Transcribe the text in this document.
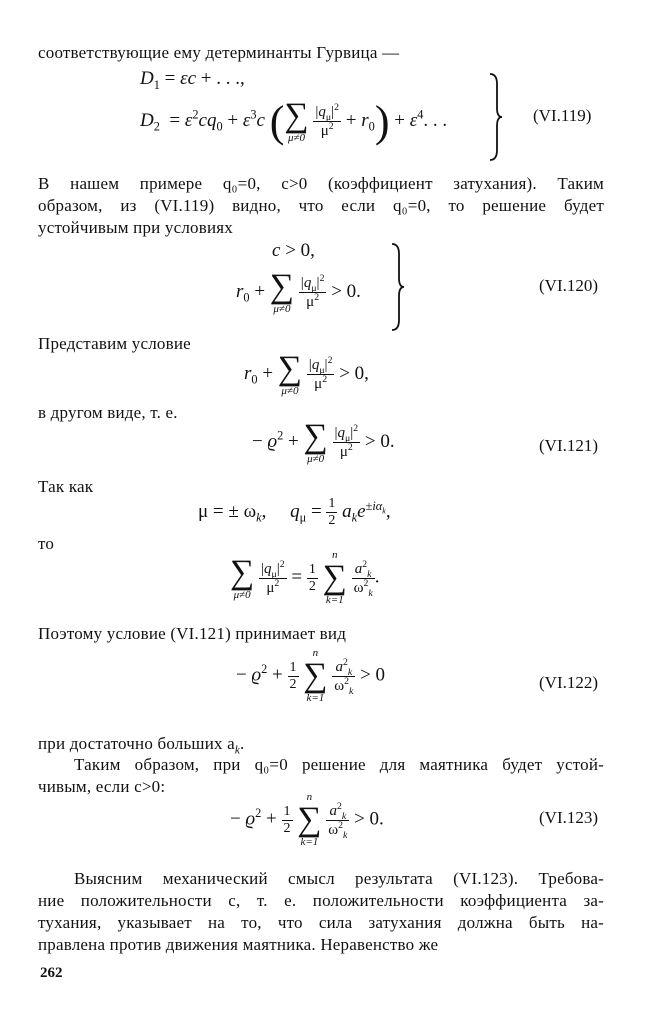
соответствующие ему детерминанты Гурвица —
$D_1 = \varepsilon c$ + . . .,
$D_2 = \varepsilon^2cq_0 + \varepsilon^3c$ ( ∑
μ≠0
$\frac{|q_\mu|^2}{\mu^2} + r_0) + \varepsilon^4$. . .	(VI.119)
В нашем примере q₀=0, c>0 (коэффициент затухания). Таким
образом, из (VI.119) видно, что если q₀=0, то решение будет
устойчивым при условиях
c > 0,
$r_0$ + ∑
μ≠0
$\frac{|q_\mu|^2}{\mu^2} > 0$.	(VI.120)
Представим условие
$r_0$ + ∑
μ≠0
$\frac{|q_\mu|^2}{\mu^2} > 0$,
в другом виде, т. е.
− $ϱ^2$ + ∑
μ≠0
$\frac{|q_\mu|^2}{\mu^2} > 0$.	(VI.121)
Так как
μ = ± $\omega_k$,     $q_\mu = \frac{1}{2} a_ke^{\pm i\alpha_k}$,
то
∑
μ≠0
$\frac{|q_\mu|^2}{\mu^2} = \frac{1}{2}$

n
∑
k=1

$\frac{a^2_k}{\omega^2_k}$ .
Поэтому условие (VI.121) принимает вид
− $ϱ^2 + \frac{1}{2}$

n
∑
k=1

$\frac{a^2_k}{\omega^2_k} > 0$	(VI.122)
при достаточно больших $a_k$.
Таким образом, при q₀=0 решение для маятника будет устой-
чивым, если c>0:
− $ϱ^2 + \frac{1}{2}$

n
∑
k=1

$\frac{a^2_k}{\omega^2_k} > 0$.	(VI.123)
Выясним механический смысл результата (VI.123). Требова-
ние положительности c, т. е. положительности коэффициента за-
тухания, указывает на то, что сила затухания должна быть на-
правлена против движения маятника. Неравенство же
262
